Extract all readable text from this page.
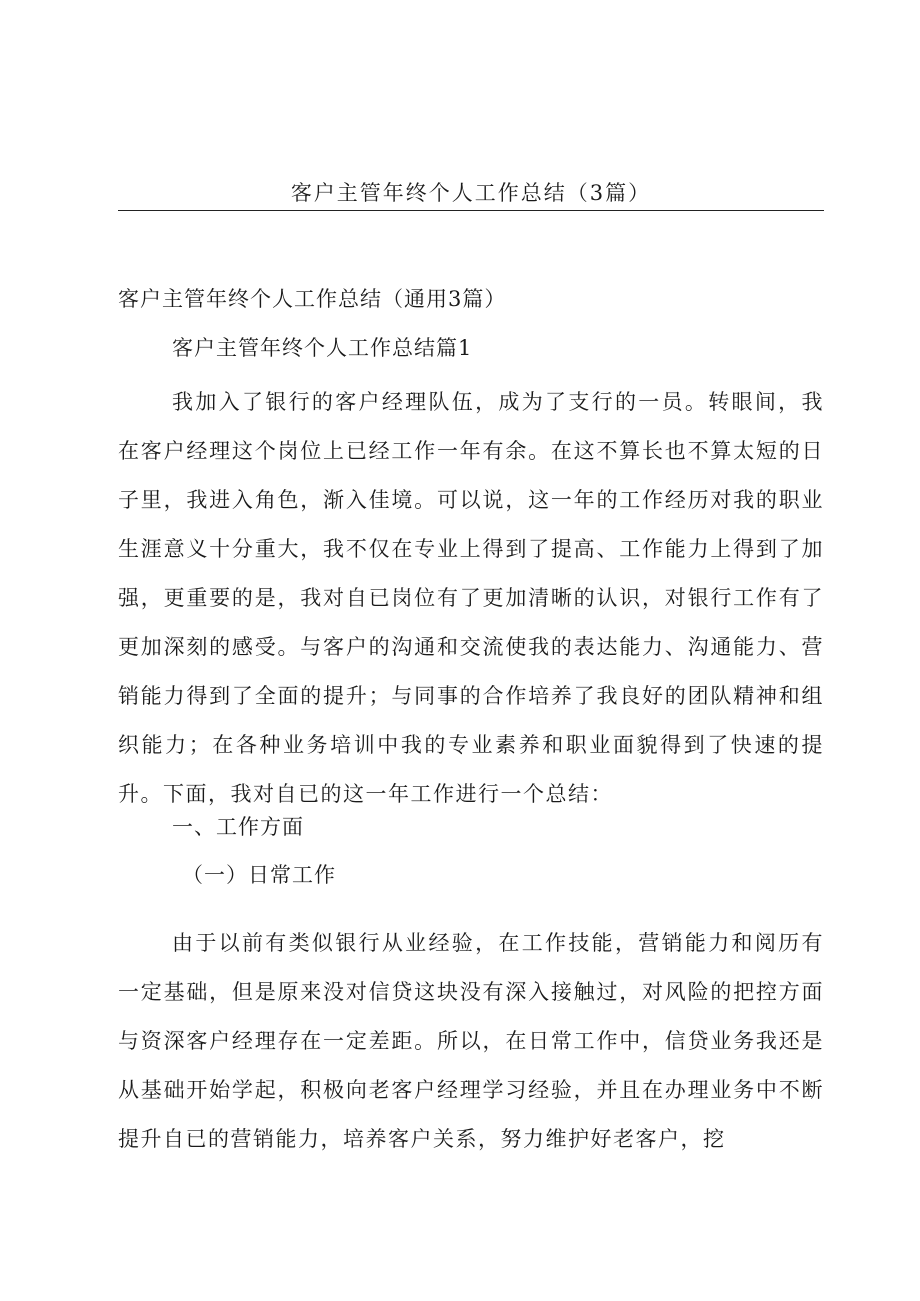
客户主管年终个人工作总结（3篇）
客户主管年终个人工作总结（通用3篇）
客户主管年终个人工作总结篇1

我加入了银行的客户经理队伍，成为了支行的一员。转眼间，我在客户经理这个岗位上已经工作一年有余。在这不算长也不算太短的日子里，我进入角色，渐入佳境。可以说，这一年的工作经历对我的职业生涯意义十分重大，我不仅在专业上得到了提高、工作能力上得到了加强，更重要的是，我对自已岗位有了更加清晰的认识，对银行工作有了更加深刻的感受。与客户的沟通和交流使我的表达能力、沟通能力、营销能力得到了全面的提升；与同事的合作培养了我良好的团队精神和组织能力；在各种业务培训中我的专业素养和职业面貌得到了快速的提升。下面，我对自已的这一年工作进行一个总结：

一、工作方面
（一）日常工作

由于以前有类似银行从业经验，在工作技能，营销能力和阅历有一定基础，但是原来没对信贷这块没有深入接触过，对风险的把控方面与资深客户经理存在一定差距。所以，在日常工作中，信贷业务我还是从基础开始学起，积极向老客户经理学习经验，并且在办理业务中不断提升自已的营销能力，培养客户关系，努力维护好老客户，挖
